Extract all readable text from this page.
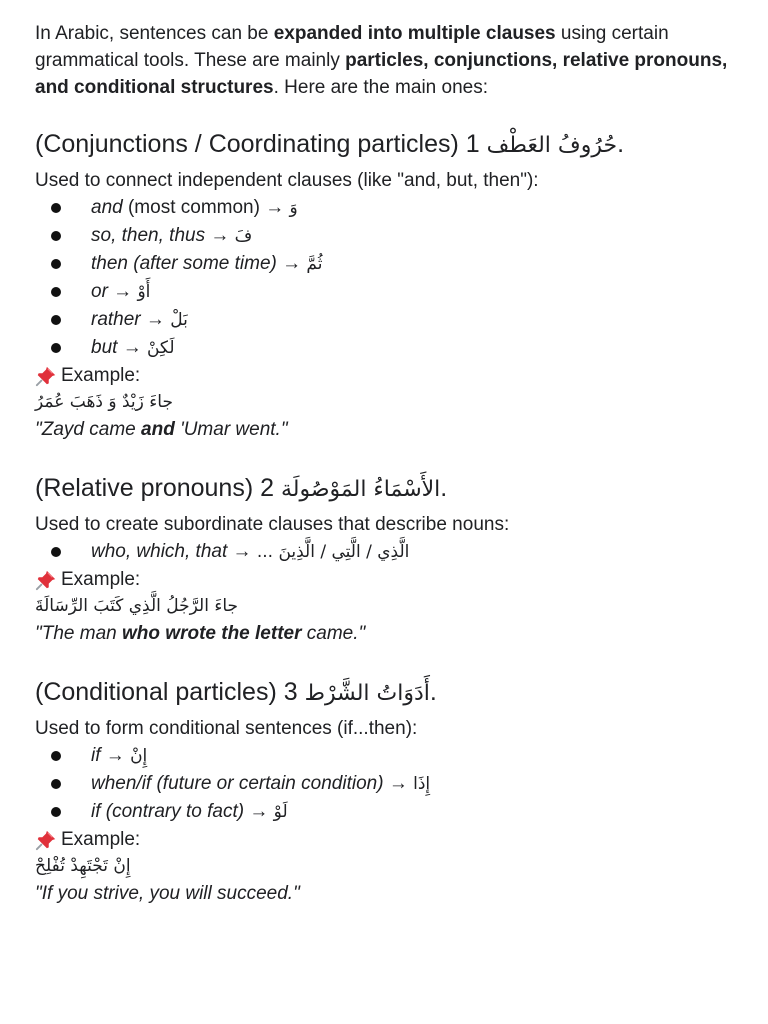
In Arabic, sentences can be expanded into multiple clauses using certain grammatical tools. These are mainly particles, conjunctions, relative pronouns, and conditional structures. Here are the main ones:

(Conjunctions / Coordinating particles) حُرُوفُ العَطْف 1.

Used to connect independent clauses (like "and, but, then"):

and (most common) → وَ
so, then, thus → فَ
then (after some time) → ثُمَّ
or → أَوْ
rather → بَلْ
but → لَكِنْ

Example:

جاءَ زَيْدٌ وَ ذَهَبَ عُمَرُ

"Zayd came and 'Umar went."

(Relative pronouns) الأَسْمَاءُ المَوْصُولَة 2.

Used to create subordinate clauses that describe nouns:

who, which, that → ... الَّذِي / الَّتِي / الَّذِينَ

Example:

جاءَ الرَّجُلُ الَّذِي كَتَبَ الرِّسَالَةَ

"The man who wrote the letter came."

(Conditional particles) أَدَوَاتُ الشَّرْط 3.

Used to form conditional sentences (if...then):

if → إِنْ
when/if (future or certain condition) → إِذَا
if (contrary to fact) → لَوْ

Example:

إِنْ تَجْتَهِدْ تُفْلِحْ

"If you strive, you will succeed."
